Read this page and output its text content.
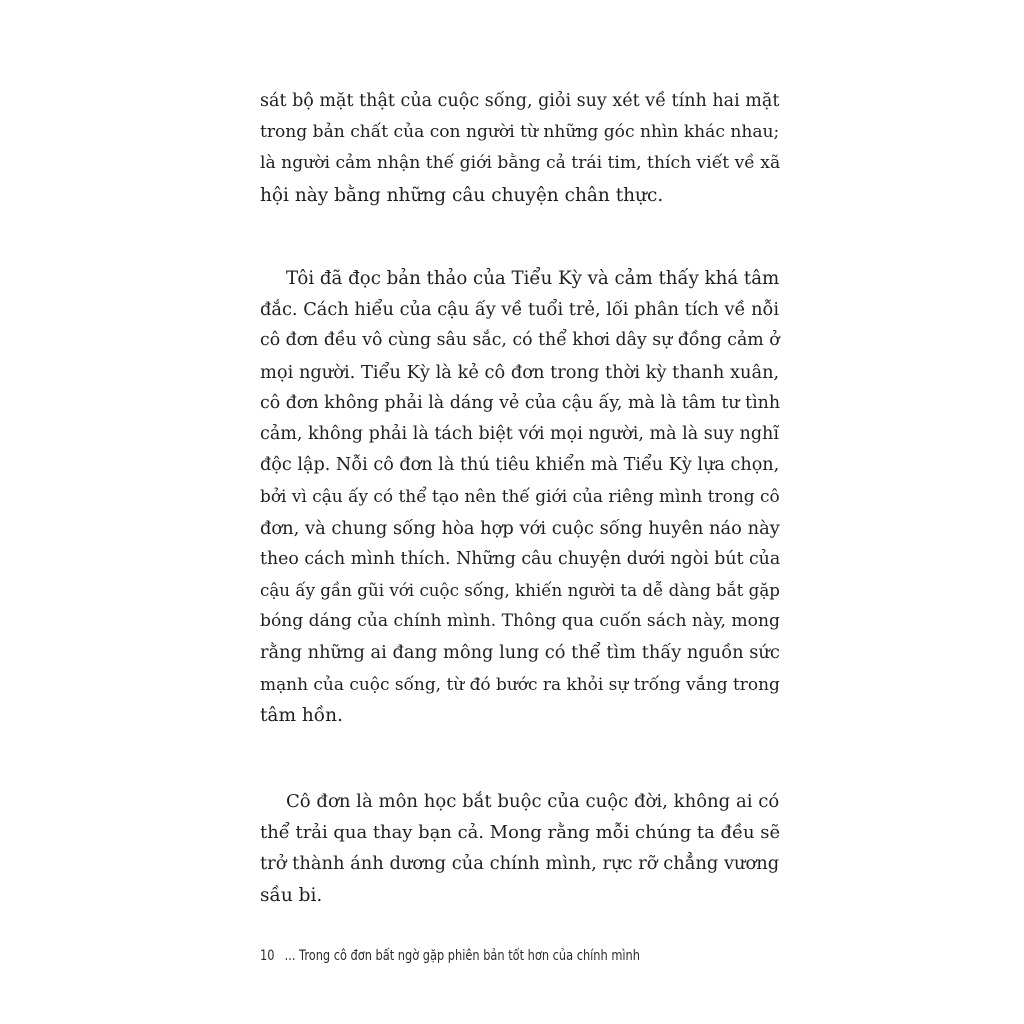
sát bộ mặt thật của cuộc sống, giỏi suy xét về tính hai mặt
trong bản chất của con người từ những góc nhìn khác nhau;
là người cảm nhận thế giới bằng cả trái tim, thích viết về xã
hội này bằng những câu chuyện chân thực.
Tôi đã đọc bản thảo của Tiểu Kỳ và cảm thấy khá tâm
đắc. Cách hiểu của cậu ấy về tuổi trẻ, lối phân tích về nỗi
cô đơn đều vô cùng sâu sắc, có thể khơi dây sự đồng cảm ở
mọi người. Tiểu Kỳ là kẻ cô đơn trong thời kỳ thanh xuân,
cô đơn không phải là dáng vẻ của cậu ấy, mà là tâm tư tình
cảm, không phải là tách biệt với mọi người, mà là suy nghĩ
độc lập. Nỗi cô đơn là thú tiêu khiển mà Tiểu Kỳ lựa chọn,
bởi vì cậu ấy có thể tạo nên thế giới của riêng mình trong cô
đơn, và chung sống hòa hợp với cuộc sống huyên náo này
theo cách mình thích. Những câu chuyện dưới ngòi bút của
cậu ấy gần gũi với cuộc sống, khiến người ta dễ dàng bắt gặp
bóng dáng của chính mình. Thông qua cuốn sách này, mong
rằng những ai đang mông lung có thể tìm thấy nguồn sức
mạnh của cuộc sống, từ đó bước ra khỏi sự trống vắng trong
tâm hồn.
Cô đơn là môn học bắt buộc của cuộc đời, không ai có
thể trải qua thay bạn cả. Mong rằng mỗi chúng ta đều sẽ
trở thành ánh dương của chính mình, rực rỡ chẳng vương
sầu bi.
10 ... Trong cô đơn bất ngờ gặp phiên bản tốt hơn của chính mình
